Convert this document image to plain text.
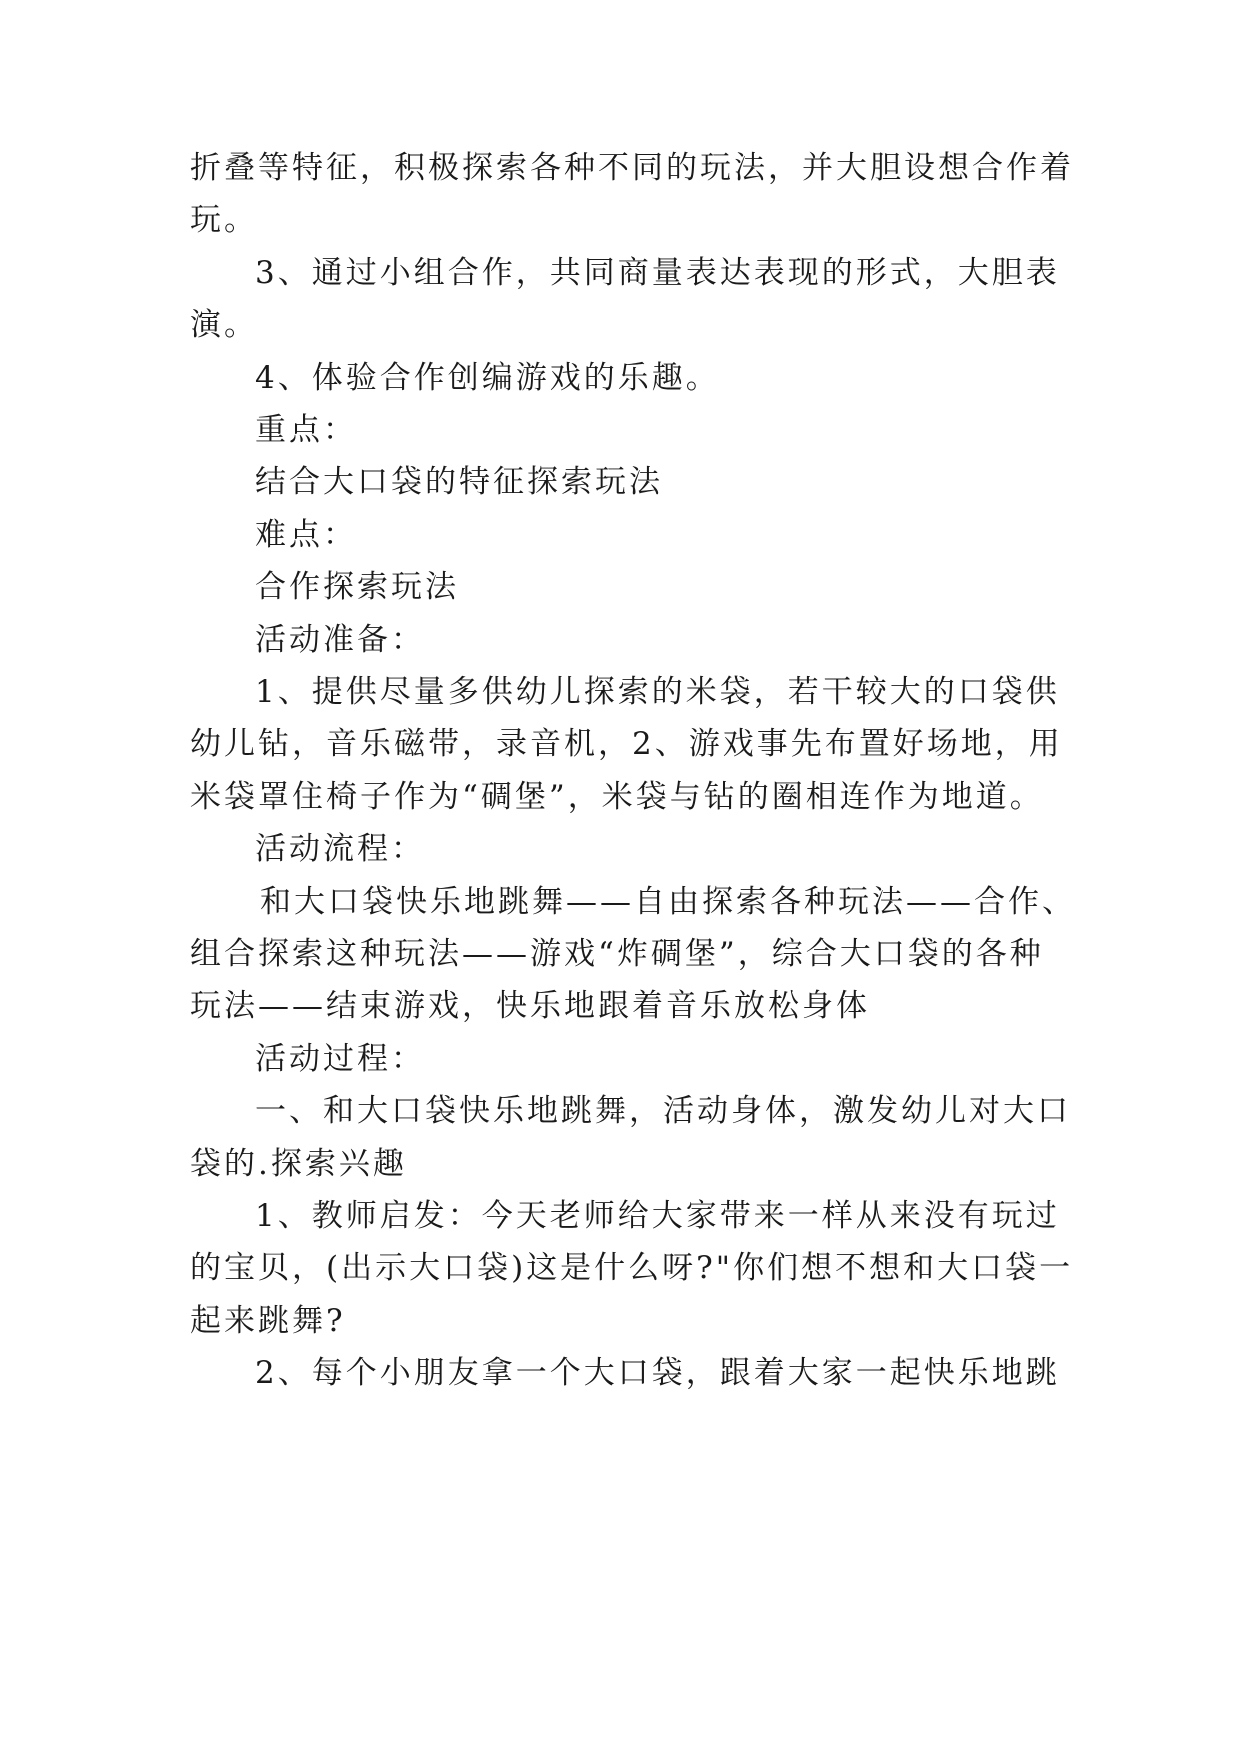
折叠等特征，积极探索各种不同的玩法，并大胆设想合作着
玩。
3、通过小组合作，共同商量表达表现的形式，大胆表
演。
4、体验合作创编游戏的乐趣。
重点：
结合大口袋的特征探索玩法
难点：
合作探索玩法
活动准备：
1、提供尽量多供幼儿探索的米袋，若干较大的口袋供
幼儿钻，音乐磁带，录音机，2、游戏事先布置好场地，用
米袋罩住椅子作为“碉堡”，米袋与钻的圈相连作为地道。
活动流程：
和大口袋快乐地跳舞——自由探索各种玩法——合作、
组合探索这种玩法——游戏“炸碉堡”，综合大口袋的各种
玩法——结束游戏，快乐地跟着音乐放松身体
活动过程：
一、和大口袋快乐地跳舞，活动身体，激发幼儿对大口
袋的.探索兴趣
1、教师启发：今天老师给大家带来一样从来没有玩过
的宝贝，(出示大口袋)这是什么呀?"你们想不想和大口袋一
起来跳舞?
2、每个小朋友拿一个大口袋，跟着大家一起快乐地跳
